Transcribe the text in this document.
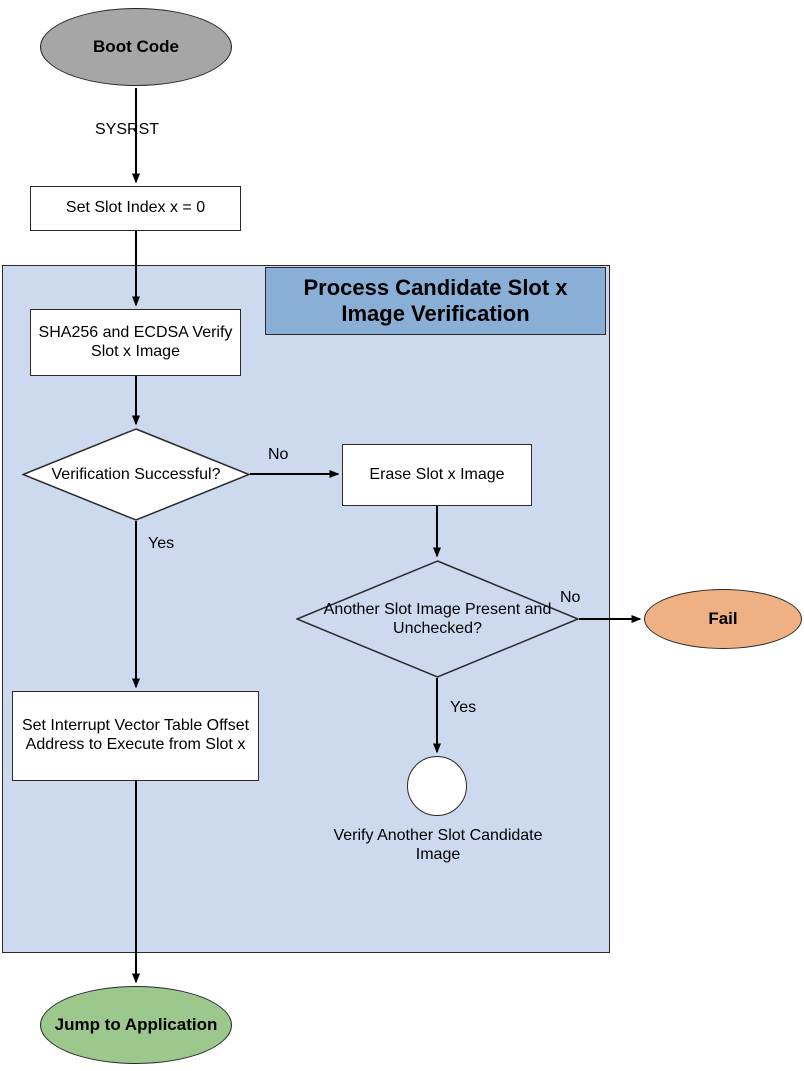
Process Candidate Slot x Image Verification
Boot Code
Set Slot Index x = 0
SHA256 and ECDSA Verify Slot x Image
Verification Successful?	Erase Slot x Image
Another Slot Image Present and Unchecked?
Fail
Set Interrupt Vector Table Offset Address to Execute from Slot x
Verify Another Slot Candidate Image
Jump to Application
SYSRST
No
Yes
No
Yes
